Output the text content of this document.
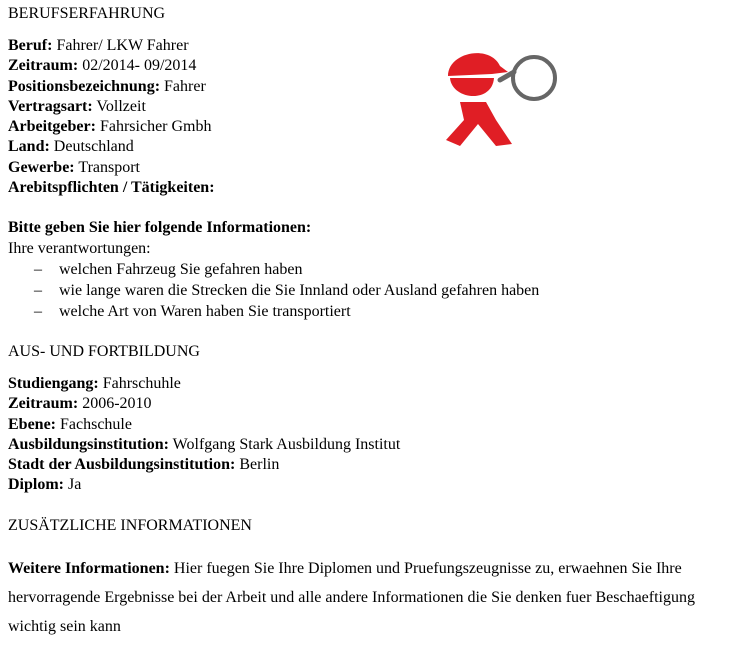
BERUFSERFAHRUNG
Beruf: Fahrer/ LKW Fahrer
Zeitraum: 02/2014- 09/2014
Positionsbezeichnung: Fahrer
Vertragsart: Vollzeit
Arbeitgeber: Fahrsicher Gmbh
Land: Deutschland
Gewerbe: Transport
Arebitspflichten / Tätigkeiten:
Bitte geben Sie hier folgende Informationen:
Ihre verantwortungen:
– welchen Fahrzeug Sie gefahren haben
– wie lange waren die Strecken die Sie Innland oder Ausland gefahren haben
– welche Art von Waren haben Sie transportiert
AUS- UND FORTBILDUNG
Studiengang: Fahrschuhle
Zeitraum: 2006-2010
Ebene: Fachschule
Ausbildungsinstitution: Wolfgang Stark Ausbildung Institut
Stadt der Ausbildungsinstitution: Berlin
Diplom: Ja
ZUSÄTZLICHE INFORMATIONEN

Weitere Informationen: Hier fuegen Sie Ihre Diplomen und Pruefungszeugnisse zu, erwaehnen Sie Ihre hervorragende Ergebnisse bei der Arbeit und alle andere Informationen die Sie denken fuer Beschaeftigung wichtig sein kann
